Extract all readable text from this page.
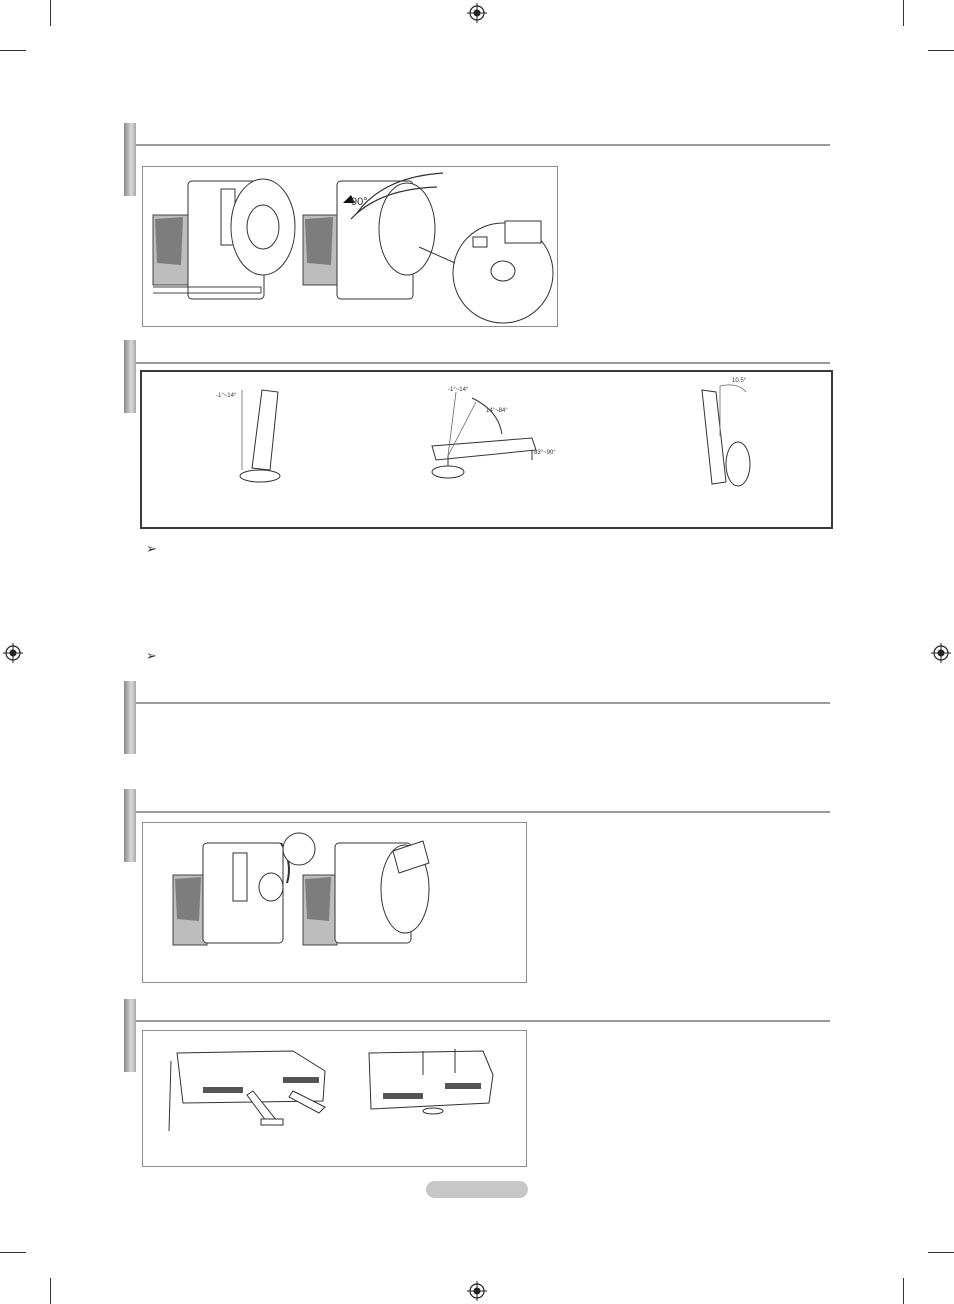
90°
-1°~14°
-1°~14°
14°~84°
83°~90°
10.5°
➢
➢
